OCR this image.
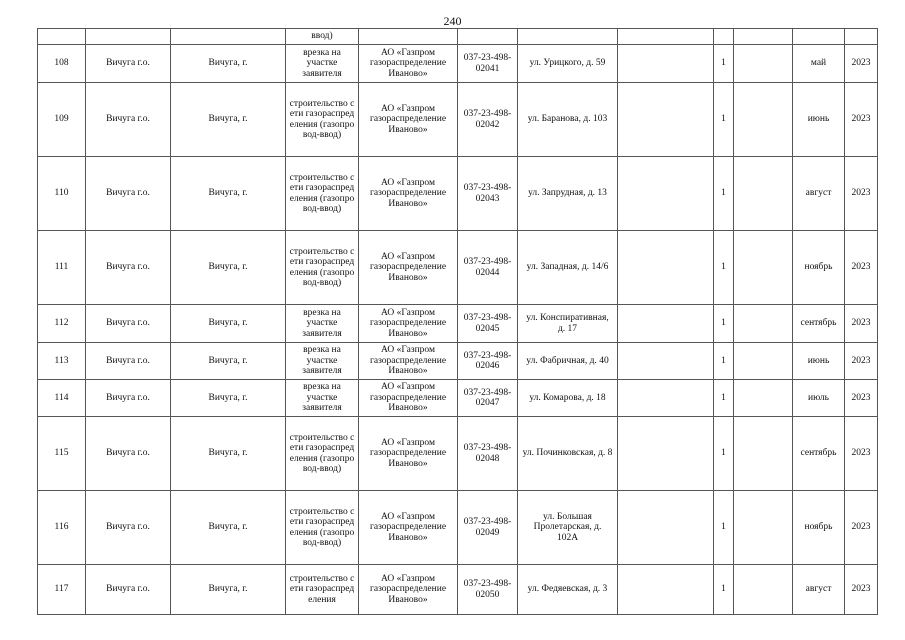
240
			ввод)								
108	Вичуга г.о.	Вичуга, г.	врезка на участке заявителя	АО «Газпром газораспределение Иваново»	037-23-498-02041	ул. Урицкого, д. 59		1		май	2023
109	Вичуга г.о.	Вичуга, г.	строительство сети газораспределения (газопровод-ввод)	АО «Газпром газораспределение Иваново»	037-23-498-02042	ул. Баранова, д. 103		1		июнь	2023
110	Вичуга г.о.	Вичуга, г.	строительство сети газораспределения (газопровод-ввод)	АО «Газпром газораспределение Иваново»	037-23-498-02043	ул. Запрудная, д. 13		1		август	2023
111	Вичуга г.о.	Вичуга, г.	строительство сети газораспределения (газопровод-ввод)	АО «Газпром газораспределение Иваново»	037-23-498-02044	ул. Западная, д. 14/6		1		ноябрь	2023
112	Вичуга г.о.	Вичуга, г.	врезка на участке заявителя	АО «Газпром газораспределение Иваново»	037-23-498-02045	ул. Конспиративная, д. 17		1		сентябрь	2023
113	Вичуга г.о.	Вичуга, г.	врезка на участке заявителя	АО «Газпром газораспределение Иваново»	037-23-498-02046	ул. Фабричная, д. 40		1		июнь	2023
114	Вичуга г.о.	Вичуга, г.	врезка на участке заявителя	АО «Газпром газораспределение Иваново»	037-23-498-02047	ул. Комарова, д. 18		1		июль	2023
115	Вичуга г.о.	Вичуга, г.	строительство сети газораспределения (газопровод-ввод)	АО «Газпром газораспределение Иваново»	037-23-498-02048	ул. Починковская, д. 8		1		сентябрь	2023
116	Вичуга г.о.	Вичуга, г.	строительство сети газораспределения (газопровод-ввод)	АО «Газпром газораспределение Иваново»	037-23-498-02049	ул. Большая Пролетарская, д. 102А		1		ноябрь	2023
117	Вичуга г.о.	Вичуга, г.	строительство сети газораспределения	АО «Газпром газораспределение Иваново»	037-23-498-02050	ул. Федяевская, д. 3		1		август	2023
